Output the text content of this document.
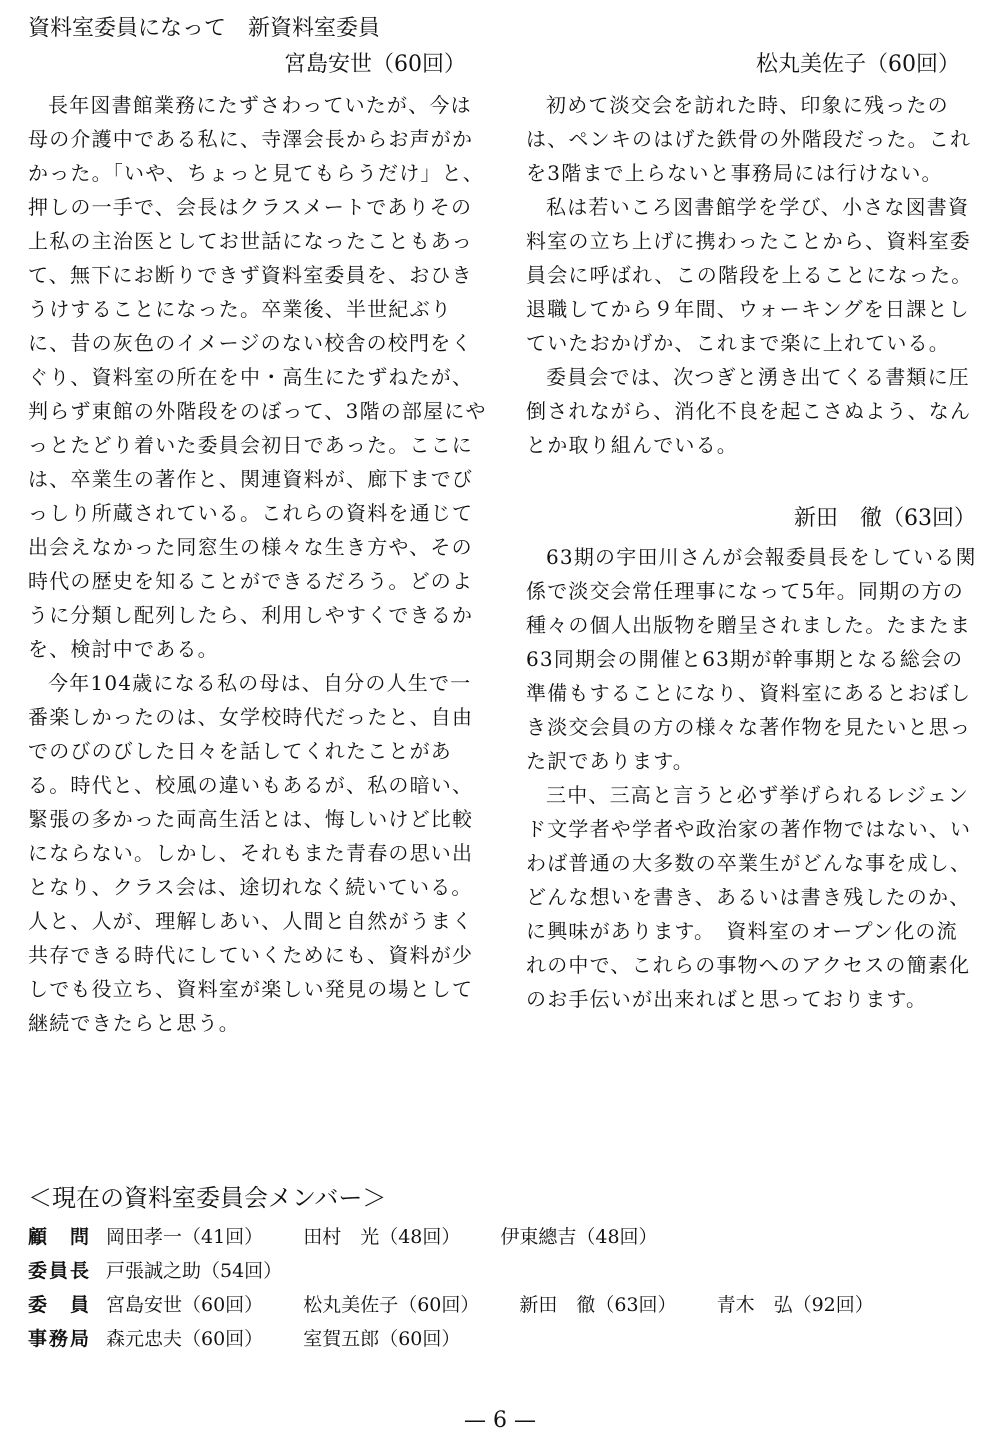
資料室委員になって　新資料室委員
宮島安世（60回）	松丸美佐子（60回）

長年図書館業務にたずさわっていたが、今は母の介護中である私に、寺澤会長からお声がかかった。「いや、ちょっと見てもらうだけ」と、押しの一手で、会長はクラスメートでありその上私の主治医としてお世話になったこともあって、無下にお断りできず資料室委員を、おひきうけすることになった。卒業後、半世紀ぶりに、昔の灰色のイメージのない校舎の校門をくぐり、資料室の所在を中・高生にたずねたが、判らず東館の外階段をのぼって、3階の部屋にやっとたどり着いた委員会初日であった。ここには、卒業生の著作と、関連資料が、廊下までびっしり所蔵されている。これらの資料を通じて出会えなかった同窓生の様々な生き方や、その時代の歴史を知ることができるだろう。どのように分類し配列したら、利用しやすくできるかを、検討中である。

今年104歳になる私の母は、自分の人生で一番楽しかったのは、女学校時代だったと、自由でのびのびした日々を話してくれたことがある。時代と、校風の違いもあるが、私の暗い、緊張の多かった両高生活とは、悔しいけど比較にならない。しかし、それもまた青春の思い出となり、クラス会は、途切れなく続いている。人と、人が、理解しあい、人間と自然がうまく共存できる時代にしていくためにも、資料が少しでも役立ち、資料室が楽しい発見の場として継続できたらと思う。

初めて淡交会を訪れた時、印象に残ったのは、ペンキのはげた鉄骨の外階段だった。これを3階まで上らないと事務局には行けない。

私は若いころ図書館学を学び、小さな図書資料室の立ち上げに携わったことから、資料室委員会に呼ばれ、この階段を上ることになった。退職してから９年間、ウォーキングを日課としていたおかげか、これまで楽に上れている。

委員会では、次つぎと湧き出てくる書類に圧倒されながら、消化不良を起こさぬよう、なんとか取り組んでいる。

新田　徹（63回）

63期の宇田川さんが会報委員長をしている関係で淡交会常任理事になって5年。同期の方の種々の個人出版物を贈呈されました。たまたま63同期会の開催と63期が幹事期となる総会の準備もすることになり、資料室にあるとおぼしき淡交会員の方の様々な著作物を見たいと思った訳であります。

三中、三高と言うと必ず挙げられるレジェンド文学者や学者や政治家の著作物ではない、いわば普通の大多数の卒業生がどんな事を成し、どんな想いを書き、あるいは書き残したのか、に興味があります。　資料室のオープン化の流れの中で、これらの事物へのアクセスの簡素化のお手伝いが出来ればと思っております。

＜現在の資料室委員会メンバー＞
顧　問 岡田孝一（41回） 田村　光（48回） 伊東總吉（48回）
委員長 戸張誠之助（54回）
委　員 宮島安世（60回） 松丸美佐子（60回） 新田　徹（63回） 青木　弘（92回）
事務局 森元忠夫（60回） 室賀五郎（60回）
— 6 —
